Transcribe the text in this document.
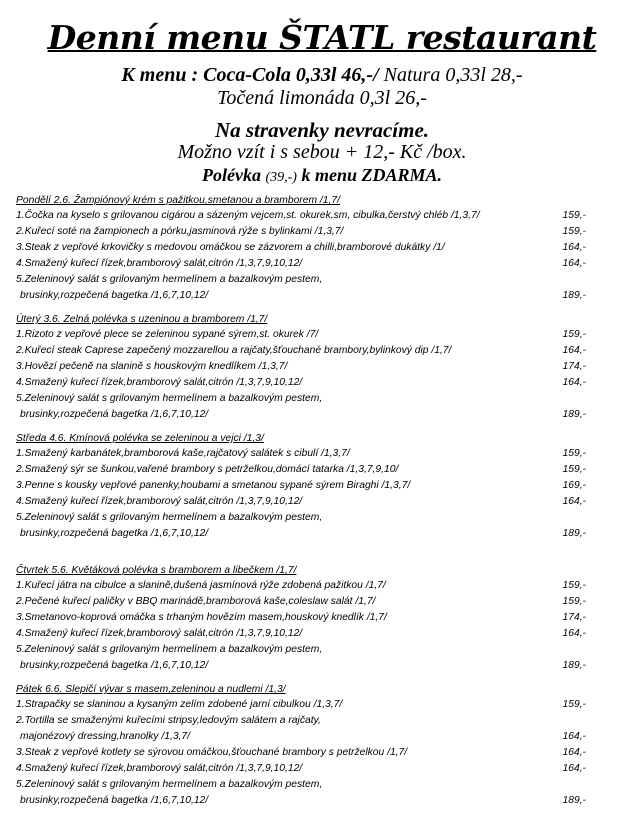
Denní menu ŠTATL restaurant
K menu : Coca-Cola 0,33l 46,-/ Natura 0,33l 28,-
Točená limonáda 0,3l 26,-
Na stravenky nevracíme.
Možno vzít i s sebou + 12,- Kč /box.
Polévka (39,-) k menu ZDARMA.
Pondělí 2.6. Žampiónový krém s pažitkou,smetanou a bramborem /1,7/
1.Čočka na kyselo s grilovanou cigárou a sázeným vejcem,st. okurek,sm, cibulka,čerstvý chléb /1,3,7/	159,-
2.Kuřecí soté na žampionech a pórku,jasminová rýže s bylinkami /1,3,7/	159,-
3.Steak z vepřové krkovičky s medovou omáčkou se zázvorem a chilli,bramborové dukátky /1/	164,-
4.Smažený kuřecí řízek,bramborový salát,citrón /1,3,7,9,10,12/	164,-
5.Zeleninový salát s grilovaným hermelínem a bazalkovým pestem,
brusinky,rozpečená bagetka /1,6,7,10,12/	189,-
Úterý 3.6. Zelná polévka s uzeninou a bramborem /1,7/
1.Rizoto z vepřové plece se zeleninou sypané sýrem,st. okurek /7/	159,-
2.Kuřecí steak Caprese zapečený mozzarellou a rajčaty,šťouchané brambory,bylinkový dip /1,7/	164,-
3.Hovězí pečeně na slanině s houskovým knedlíkem /1,3,7/	174,-
4.Smažený kuřecí řízek,bramborový salát,citrón /1,3,7,9,10,12/	164,-
5.Zeleninový salát s grilovaným hermelínem a bazalkovým pestem,
brusinky,rozpečená bagetka /1,6,7,10,12/	189,-
Středa 4.6. Kmínová polévka se zeleninou a vejci /1,3/
1.Smažený karbanátek,bramborová kaše,rajčatový salátek s cibulí /1,3,7/	159,-
2.Smažený sýr se šunkou,vařené brambory s petrželkou,domácí tatarka /1,3,7,9,10/	159,-
3.Penne s kousky vepřové panenky,houbami a smetanou sypané sýrem Biraghi /1,3,7/	169,-
4.Smažený kuřecí řízek,bramborový salát,citrón /1,3,7,9,10,12/	164,-
5.Zeleninový salát s grilovaným hermelínem a bazalkovým pestem,
brusinky,rozpečená bagetka /1,6,7,10,12/	189,-
Čtvrtek 5.6. Květáková polévka s bramborem a libečkem /1,7/
1.Kuřecí játra na cibulce a slanině,dušená jasmínová rýže zdobená pažitkou /1,7/	159,-
2.Pečené kuřecí paličky v BBQ marinádě,bramborová kaše,coleslaw salát /1,7/	159,-
3.Smetanovo-koprová omáčka s trhaným hovězím masem,houskový knedlík /1,7/	174,-
4.Smažený kuřecí řízek,bramborový salát,citrón /1,3,7,9,10,12/	164,-
5.Zeleninový salát s grilovaným hermelínem a bazalkovým pestem,
brusinky,rozpečená bagetka /1,6,7,10,12/	189,-
Pátek 6.6. Slepičí vývar s masem,zeleninou a nudlemi /1,3/
1.Strapačky se slaninou a kysaným zelím zdobené jarní cibulkou /1,3,7/	159,-
2.Tortilla se smaženými kuřecími stripsy,ledovým salátem a rajčaty,
majonézový dressing,hranolky /1,3,7/	164,-
3.Steak z vepřové kotlety se sýrovou omáčkou,šťouchané brambory s petrželkou /1,7/	164,-
4.Smažený kuřecí řízek,bramborový salát,citrón /1,3,7,9,10,12/	164,-
5.Zeleninový salát s grilovaným hermelínem a bazalkovým pestem,
brusinky,rozpečená bagetka /1,6,7,10,12/	189,-
